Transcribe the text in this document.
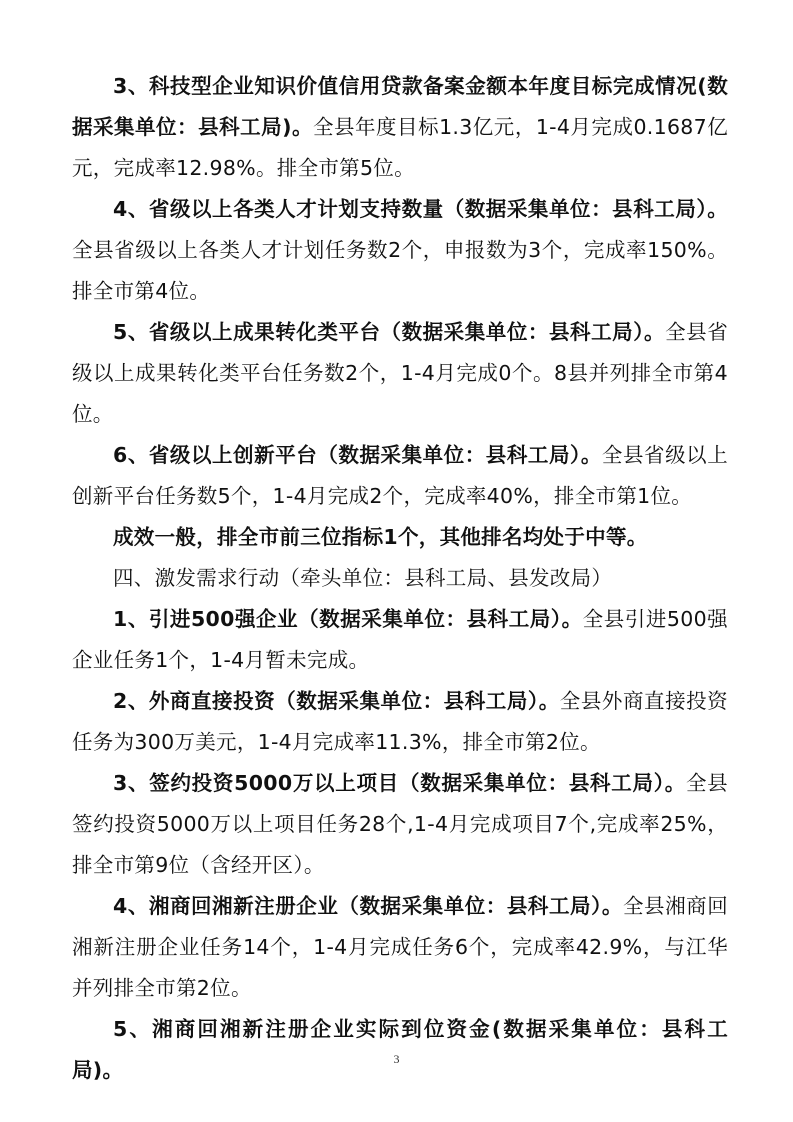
3、科技型企业知识价值信用贷款备案金额本年度目标完成情况(数据采集单位：县科工局)。全县年度目标1.3亿元，1-4月完成0.1687亿元，完成率12.98%。排全市第5位。

4、省级以上各类人才计划支持数量（数据采集单位：县科工局）。全县省级以上各类人才计划任务数2个，申报数为3个，完成率150%。排全市第4位。

5、省级以上成果转化类平台（数据采集单位：县科工局）。全县省级以上成果转化类平台任务数2个，1-4月完成0个。8县并列排全市第4位。

6、省级以上创新平台（数据采集单位：县科工局）。全县省级以上创新平台任务数5个，1-4月完成2个，完成率40%，排全市第1位。

成效一般，排全市前三位指标1个，其他排名均处于中等。

四、激发需求行动（牵头单位：县科工局、县发改局）

1、引进500强企业（数据采集单位：县科工局）。全县引进500强企业任务1个，1-4月暂未完成。

2、外商直接投资（数据采集单位：县科工局）。全县外商直接投资任务为300万美元，1-4月完成率11.3%，排全市第2位。

3、签约投资5000万以上项目（数据采集单位：县科工局）。全县签约投资5000万以上项目任务28个,1-4月完成项目7个,完成率25%，排全市第9位（含经开区）。

4、湘商回湘新注册企业（数据采集单位：县科工局）。全县湘商回湘新注册企业任务14个，1-4月完成任务6个，完成率42.9%，与江华并列排全市第2位。

5、湘商回湘新注册企业实际到位资金(数据采集单位：县科工局)。	3
